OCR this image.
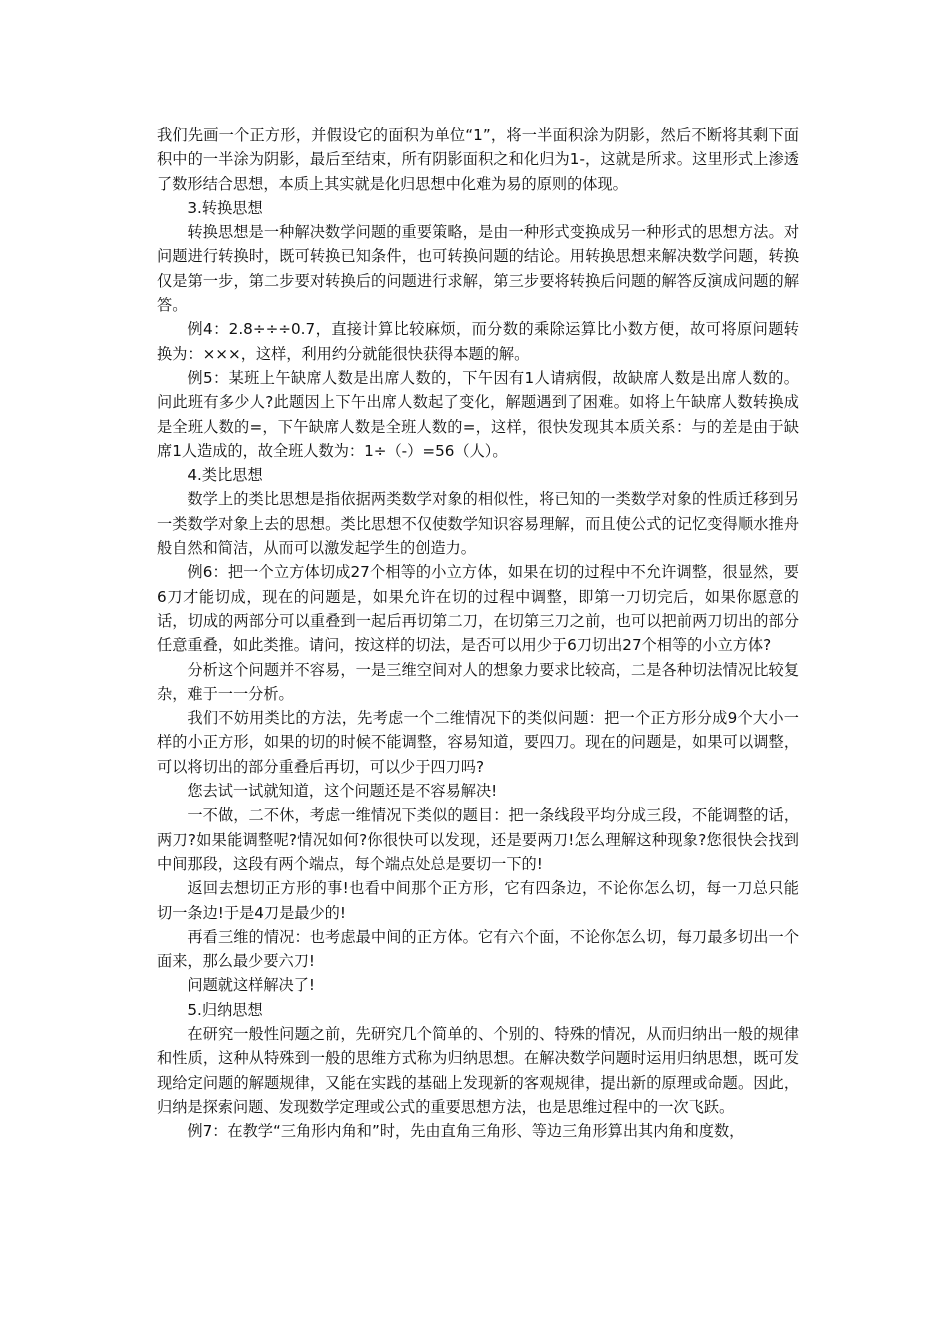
我们先画一个正方形，并假设它的面积为单位“1”，将一半面积涂为阴影，然后不断将其剩下面积中的一半涂为阴影，最后至结束，所有阴影面积之和化归为1-，这就是所求。这里形式上渗透了数形结合思想，本质上其实就是化归思想中化难为易的原则的体现。

3.转换思想

转换思想是一种解决数学问题的重要策略，是由一种形式变换成另一种形式的思想方法。对问题进行转换时，既可转换已知条件，也可转换问题的结论。用转换思想来解决数学问题，转换仅是第一步，第二步要对转换后的问题进行求解，第三步要将转换后问题的解答反演成问题的解答。

例4：2.8÷÷÷0.7，直接计算比较麻烦，而分数的乘除运算比小数方便，故可将原问题转换为：×××，这样，利用约分就能很快获得本题的解。

例5：某班上午缺席人数是出席人数的，下午因有1人请病假，故缺席人数是出席人数的。问此班有多少人?此题因上下午出席人数起了变化，解题遇到了困难。如将上午缺席人数转换成是全班人数的=，下午缺席人数是全班人数的=，这样，很快发现其本质关系：与的差是由于缺席1人造成的，故全班人数为：1÷（-）=56（人）。

4.类比思想

数学上的类比思想是指依据两类数学对象的相似性，将已知的一类数学对象的性质迁移到另一类数学对象上去的思想。类比思想不仅使数学知识容易理解，而且使公式的记忆变得顺水推舟般自然和简洁，从而可以激发起学生的创造力。

例6：把一个立方体切成27个相等的小立方体，如果在切的过程中不允许调整，很显然，要6刀才能切成，现在的问题是，如果允许在切的过程中调整，即第一刀切完后，如果你愿意的话，切成的两部分可以重叠到一起后再切第二刀，在切第三刀之前，也可以把前两刀切出的部分任意重叠，如此类推。请问，按这样的切法，是否可以用少于6刀切出27个相等的小立方体?

分析这个问题并不容易，一是三维空间对人的想象力要求比较高，二是各种切法情况比较复杂，难于一一分析。

我们不妨用类比的方法，先考虑一个二维情况下的类似问题：把一个正方形分成9个大小一样的小正方形，如果的切的时候不能调整，容易知道，要四刀。现在的问题是，如果可以调整，可以将切出的部分重叠后再切，可以少于四刀吗?

您去试一试就知道，这个问题还是不容易解决!

一不做，二不休，考虑一维情况下类似的题目：把一条线段平均分成三段，不能调整的话，两刀?如果能调整呢?情况如何?你很快可以发现，还是要两刀!怎么理解这种现象?您很快会找到中间那段，这段有两个端点，每个端点处总是要切一下的!

返回去想切正方形的事!也看中间那个正方形，它有四条边，不论你怎么切，每一刀总只能切一条边!于是4刀是最少的!

再看三维的情况：也考虑最中间的正方体。它有六个面，不论你怎么切，每刀最多切出一个面来，那么最少要六刀!

问题就这样解决了!

5.归纳思想

在研究一般性问题之前，先研究几个简单的、个别的、特殊的情况，从而归纳出一般的规律和性质，这种从特殊到一般的思维方式称为归纳思想。在解决数学问题时运用归纳思想，既可发现给定问题的解题规律，又能在实践的基础上发现新的客观规律，提出新的原理或命题。因此，归纳是探索问题、发现数学定理或公式的重要思想方法，也是思维过程中的一次飞跃。

例7：在教学“三角形内角和”时，先由直角三角形、等边三角形算出其内角和度数，
